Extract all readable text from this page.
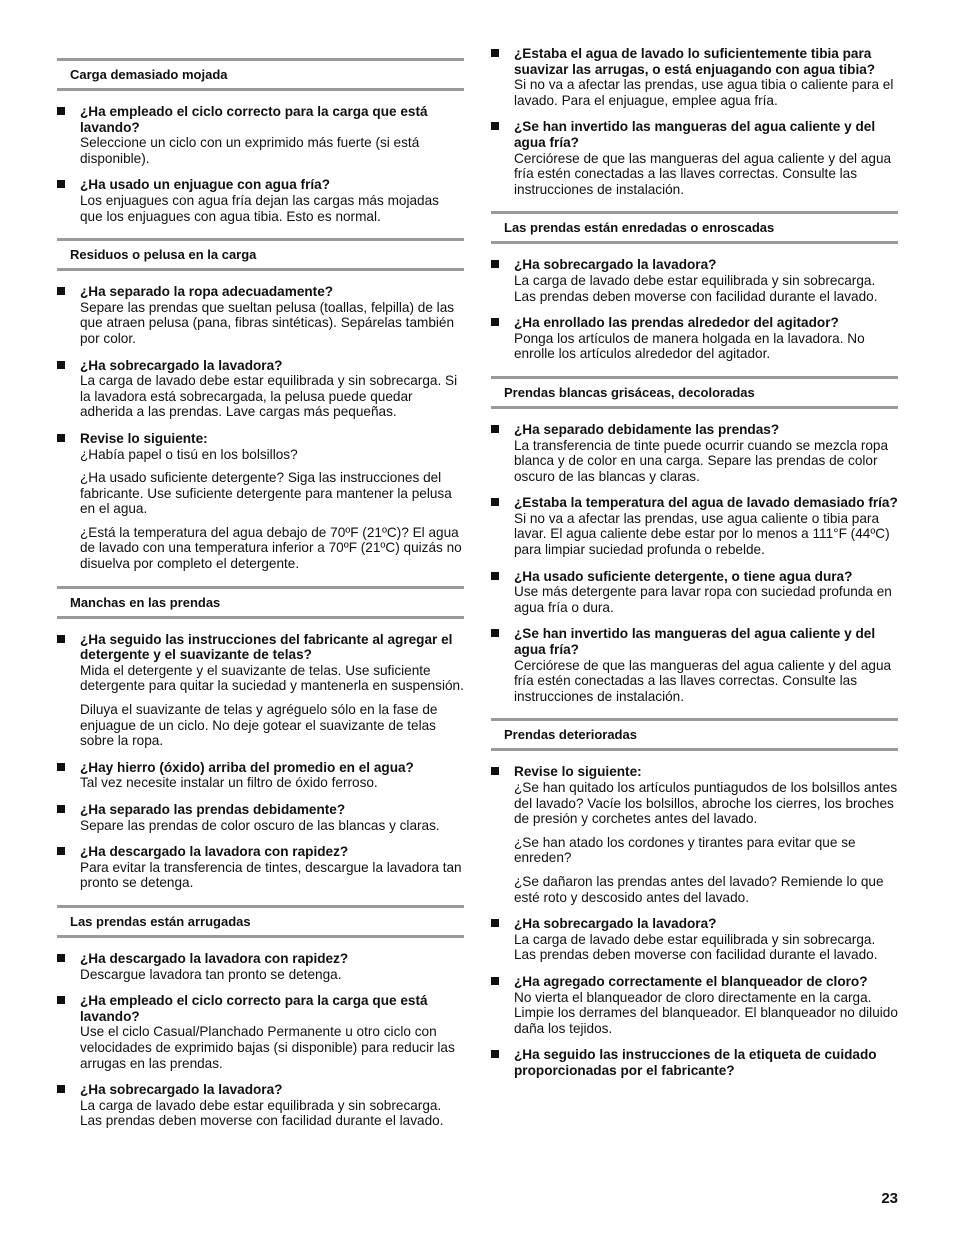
Carga demasiado mojada
¿Ha empleado el ciclo correcto para la carga que está lavando?

Seleccione un ciclo con un exprimido más fuerte (si está disponible).

¿Ha usado un enjuague con agua fría?

Los enjuagues con agua fría dejan las cargas más mojadas que los enjuagues con agua tibia. Esto es normal.

Residuos o pelusa en la carga
¿Ha separado la ropa adecuadamente?

Separe las prendas que sueltan pelusa (toallas, felpilla) de las que atraen pelusa (pana, fibras sintéticas). Sepárelas también por color.

¿Ha sobrecargado la lavadora?

La carga de lavado debe estar equilibrada y sin sobrecarga. Si la lavadora está sobrecargada, la pelusa puede quedar adherida a las prendas. Lave cargas más pequeñas.

Revise lo siguiente:

¿Había papel o tisú en los bolsillos?

¿Ha usado suficiente detergente? Siga las instrucciones del fabricante. Use suficiente detergente para mantener la pelusa en el agua.

¿Está la temperatura del agua debajo de 70ºF (21ºC)? El agua de lavado con una temperatura inferior a 70ºF (21ºC) quizás no disuelva por completo el detergente.

Manchas en las prendas
¿Ha seguido las instrucciones del fabricante al agregar el detergente y el suavizante de telas?

Mida el detergente y el suavizante de telas. Use suficiente detergente para quitar la suciedad y mantenerla en suspensión.

Diluya el suavizante de telas y agréguelo sólo en la fase de enjuague de un ciclo. No deje gotear el suavizante de telas sobre la ropa.

¿Hay hierro (óxido) arriba del promedio en el agua?

Tal vez necesite instalar un filtro de óxido ferroso.

¿Ha separado las prendas debidamente?

Separe las prendas de color oscuro de las blancas y claras.

¿Ha descargado la lavadora con rapidez?

Para evitar la transferencia de tintes, descargue la lavadora tan pronto se detenga.

Las prendas están arrugadas
¿Ha descargado la lavadora con rapidez?

Descargue lavadora tan pronto se detenga.

¿Ha empleado el ciclo correcto para la carga que está lavando?

Use el ciclo Casual/Planchado Permanente u otro ciclo con velocidades de exprimido bajas (si disponible) para reducir las arrugas en las prendas.

¿Ha sobrecargado la lavadora?

La carga de lavado debe estar equilibrada y sin sobrecarga. Las prendas deben moverse con facilidad durante el lavado.

¿Estaba el agua de lavado lo suficientemente tibia para suavizar las arrugas, o está enjuagando con agua tibia?

Si no va a afectar las prendas, use agua tibia o caliente para el lavado. Para el enjuague, emplee agua fría.

¿Se han invertido las mangueras del agua caliente y del agua fría?

Cerciórese de que las mangueras del agua caliente y del agua fría estén conectadas a las llaves correctas. Consulte las instrucciones de instalación.

Las prendas están enredadas o enroscadas
¿Ha sobrecargado la lavadora?

La carga de lavado debe estar equilibrada y sin sobrecarga. Las prendas deben moverse con facilidad durante el lavado.

¿Ha enrollado las prendas alrededor del agitador?

Ponga los artículos de manera holgada en la lavadora. No enrolle los artículos alrededor del agitador.

Prendas blancas grisáceas, decoloradas
¿Ha separado debidamente las prendas?

La transferencia de tinte puede ocurrir cuando se mezcla ropa blanca y de color en una carga. Separe las prendas de color oscuro de las blancas y claras.

¿Estaba la temperatura del agua de lavado demasiado fría?

Si no va a afectar las prendas, use agua caliente o tibia para lavar. El agua caliente debe estar por lo menos a 111°F (44ºC) para limpiar suciedad profunda o rebelde.

¿Ha usado suficiente detergente, o tiene agua dura?

Use más detergente para lavar ropa con suciedad profunda en agua fría o dura.

¿Se han invertido las mangueras del agua caliente y del agua fría?

Cerciórese de que las mangueras del agua caliente y del agua fría estén conectadas a las llaves correctas. Consulte las instrucciones de instalación.

Prendas deterioradas
Revise lo siguiente:

¿Se han quitado los artículos puntiagudos de los bolsillos antes del lavado? Vacíe los bolsillos, abroche los cierres, los broches de presión y corchetes antes del lavado.

¿Se han atado los cordones y tirantes para evitar que se enreden?

¿Se dañaron las prendas antes del lavado? Remiende lo que esté roto y descosido antes del lavado.

¿Ha sobrecargado la lavadora?

La carga de lavado debe estar equilibrada y sin sobrecarga. Las prendas deben moverse con facilidad durante el lavado.

¿Ha agregado correctamente el blanqueador de cloro?

No vierta el blanqueador de cloro directamente en la carga. Limpie los derrames del blanqueador. El blanqueador no diluido daña los tejidos.

¿Ha seguido las instrucciones de la etiqueta de cuidado proporcionadas por el fabricante?
23
